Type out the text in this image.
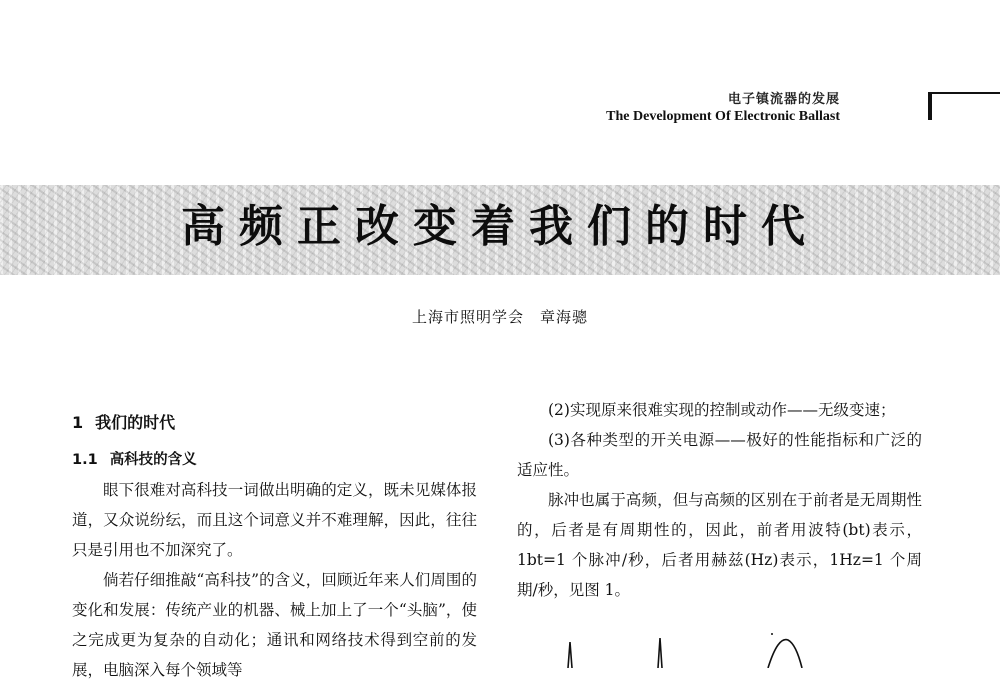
电子镇流器的发展
The Development Of Electronic Ballast
高频正改变着我们的时代
上海市照明学会　章海骢
1 我们的时代
1.1 高科技的含义

眼下很难对高科技一词做出明确的定义，既未见媒体报道，又众说纷纭，而且这个词意义并不难理解，因此，往往只是引用也不加深究了。

倘若仔细推敲“高科技”的含义，回顾近年来人们周围的变化和发展：传统产业的机器、械上加上了一个“头脑”，使之完成更为复杂的自动化；通讯和网络技术得到空前的发展，电脑深入每个领域等

(2)实现原来很难实现的控制或动作——无级变速；

(3)各种类型的开关电源——极好的性能指标和广泛的适应性。

脉冲也属于高频，但与高频的区别在于前者是无周期性的，后者是有周期性的，因此，前者用波特(bt)表示，1bt=1 个脉冲/秒，后者用赫兹(Hz)表示，1Hz=1 个周期/秒，见图 1。
